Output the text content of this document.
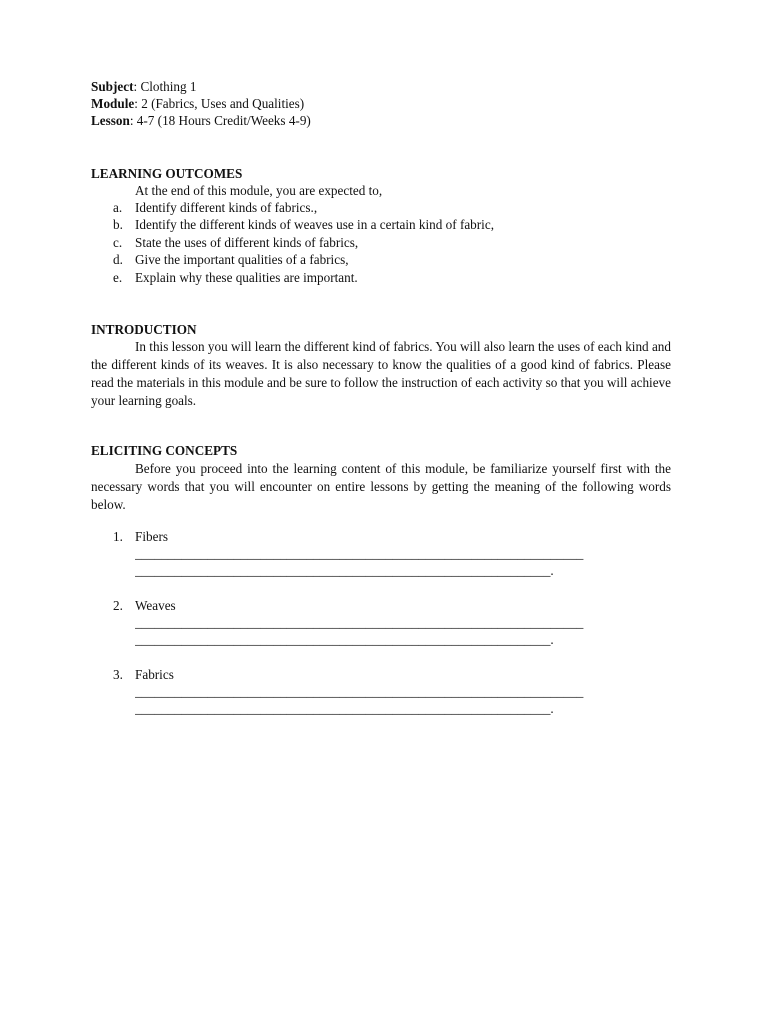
Subject: Clothing 1
Module: 2 (Fabrics, Uses and Qualities)
Lesson: 4-7 (18 Hours Credit/Weeks 4-9)
LEARNING OUTCOMES
At the end of this module, you are expected to,
a. Identify different kinds of fabrics.,
b. Identify the different kinds of weaves use in a certain kind of fabric,
c. State the uses of different kinds of fabrics,
d. Give the important qualities of a fabrics,
e. Explain why these qualities are important.
INTRODUCTION
In this lesson you will learn the different kind of fabrics. You will also learn the uses of each kind and the different kinds of its weaves. It is also necessary to know the qualities of a good kind of fabrics. Please read the materials in this module and be sure to follow the instruction of each activity so that you will achieve your learning goals.
ELICITING CONCEPTS
Before you proceed into the learning content of this module, be familiarize yourself first with the necessary words that you will encounter on entire lessons by getting the meaning of the following words below.
1. Fibers
____________________________________________________________________
_______________________________________________________________.
2. Weaves
____________________________________________________________________
_______________________________________________________________.
3. Fabrics
____________________________________________________________________
_______________________________________________________________.
